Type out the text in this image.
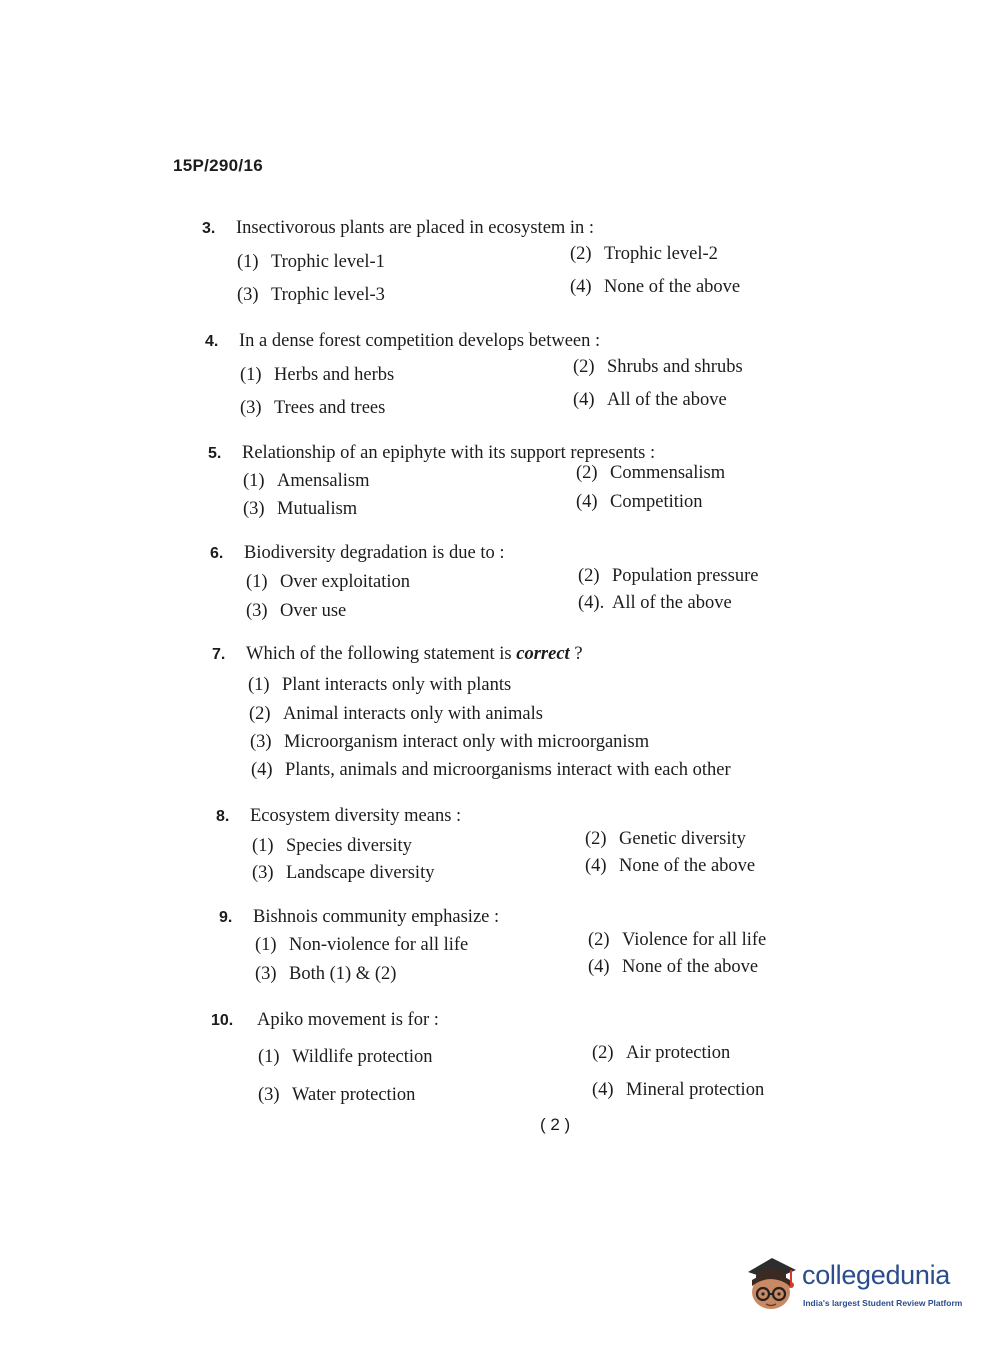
15P/290/16
3. Insectivorous plants are placed in ecosystem in :
(1) Trophic level-1	(2) Trophic level-2
(3) Trophic level-3	(4) None of the above
4. In a dense forest competition develops between :
(1) Herbs and herbs	(2) Shrubs and shrubs
(3) Trees and trees	(4) All of the above
5. Relationship of an epiphyte with its support represents :
(1) Amensalism	(2) Commensalism
(3) Mutualism	(4) Competition
6. Biodiversity degradation is due to :
(1) Over exploitation	(2) Population pressure
(3) Over use	(4). All of the above
7. Which of the following statement is correct ?
(1) Plant interacts only with plants
(2) Animal interacts only with animals
(3) Microorganism interact only with microorganism
(4) Plants, animals and microorganisms interact with each other
8. Ecosystem diversity means :
(1) Species diversity	(2) Genetic diversity
(3) Landscape diversity	(4) None of the above
9. Bishnois community emphasize :
(1) Non-violence for all life	(2) Violence for all life
(3) Both (1) & (2)	(4) None of the above
10. Apiko movement is for :
(1) Wildlife protection	(2) Air protection
(3) Water protection	(4) Mineral protection
( 2 )
collegedunia
India's largest Student Review Platform
